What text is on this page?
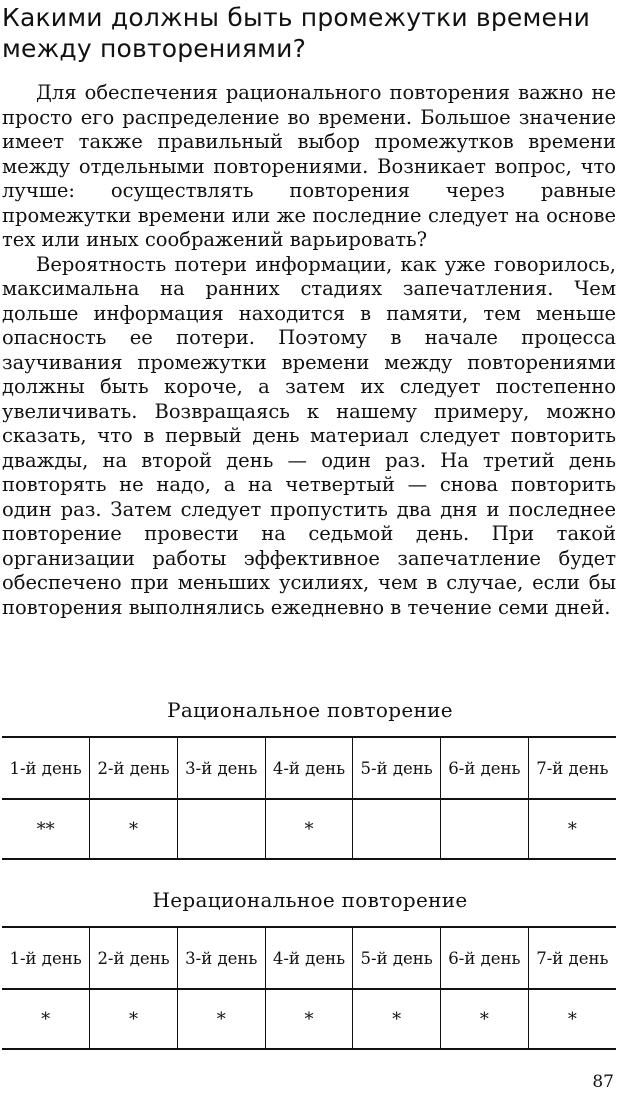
Какими должны быть промежутки времени между повторениями?

Для обеспечения рационального повторения важно не просто его распределение во времени. Большое значение имеет также правильный выбор промежутков времени между отдельными повторениями. Возникает вопрос, что лучше: осуществлять повторения через равные промежутки времени или же последние следует на основе тех или иных соображений варьировать?

Вероятность потери информации, как уже говорилось, максимальна на ранних стадиях запечатления. Чем дольше информация находится в памяти, тем меньше опасность ее потери. Поэтому в начале процесса заучивания промежутки времени между повторениями должны быть короче, а затем их следует постепенно увеличивать. Возвращаясь к нашему примеру, можно сказать, что в первый день материал следует повторить дважды, на второй день — один раз. На третий день повторять не надо, а на четвертый — снова повторить один раз. Затем следует пропустить два дня и последнее повторение провести на седьмой день. При такой организации работы эффективное запечатление будет обеспечено при меньших усилиях, чем в случае, если бы повторения выполнялись ежедневно в течение семи дней.

Рациональное повторение
1-й день	2-й день	3-й день	4-й день	5-й день	6-й день	7-й день
**	*		*			*
Нерациональное повторение
1-й день	2-й день	3-й день	4-й день	5-й день	6-й день	7-й день
*	*	*	*	*	*	*
87
